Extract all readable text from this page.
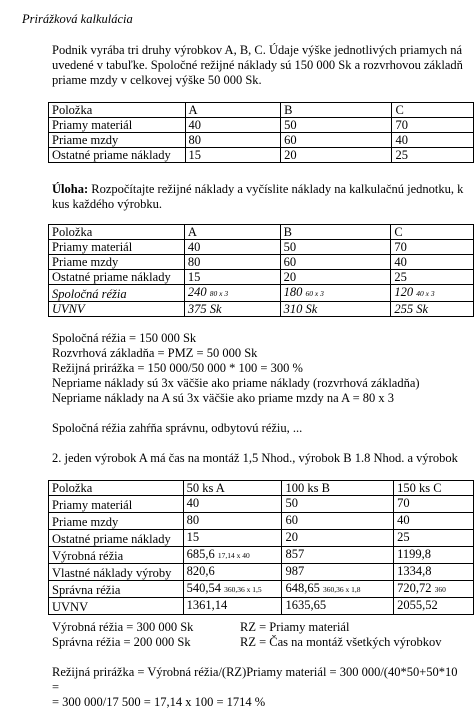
Prirážková kalkulácia
Podnik vyrába tri druhy výrobkov A, B, C. Údaje výške jednotlivých priamych ná
uvedené v tabuľke. Spoločné režijné náklady sú 150 000 Sk a rozvrhovou základň
priame mzdy v celkovej výške 50 000 Sk.
Položka	A	B	C
Priamy materiál	40	50	70
Priame mzdy	80	60	40
Ostatné priame náklady	15	20	25
Úloha: Rozpočítajte režijné náklady a vyčíslite náklady na kalkulačnú jednotku, k
kus každého výrobku.
Položka	A	B	C
Priamy materiál	40	50	70
Priame mzdy	80	60	40
Ostatné priame náklady	15	20	25
Spoločná réžia	240 80 x 3	180 60 x 3	120 40 x 3
UVNV	375 Sk	310 Sk	255 Sk
Spoločná réžia = 150 000 Sk
Rozvrhová základňa = PMZ = 50 000 Sk
Režijná prirážka = 150 000/50 000 * 100 = 300 %
Nepriame náklady sú 3x väčšie ako priame náklady (rozvrhová základňa)
Nepriame náklady na A sú 3x väčšie ako priame mzdy na A = 80 x 3
Spoločná réžia zahŕňa správnu, odbytovú réžiu, ...
2. jeden výrobok A má čas na montáž 1,5 Nhod., výrobok B 1.8 Nhod. a výrobok
Položka	50 ks A	100 ks B	150 ks C
Priamy materiál	40	50	70
Priame mzdy	80	60	40
Ostatné priame náklady	15	20	25
Výrobná réžia	685,6 17,14 x 40	857	1199,8
Vlastné náklady výroby	820,6	987	1334,8
Správna réžia	540,54 360,36 x 1,5	648,65 360,36 x 1,8	720,72 360
UVNV	1361,14	1635,65	2055,52
Výrobná réžia = 300 000 Sk	RZ = Priamy materiál
Správna réžia = 200 000 Sk	RZ = Čas na montáž všetkých výrobkov
Režijná prirážka = Výrobná réžia/(RZ)Priamy materiál = 300 000/(40*50+50*10
=
= 300 000/17 500 = 17,14 x 100 = 1714 %
